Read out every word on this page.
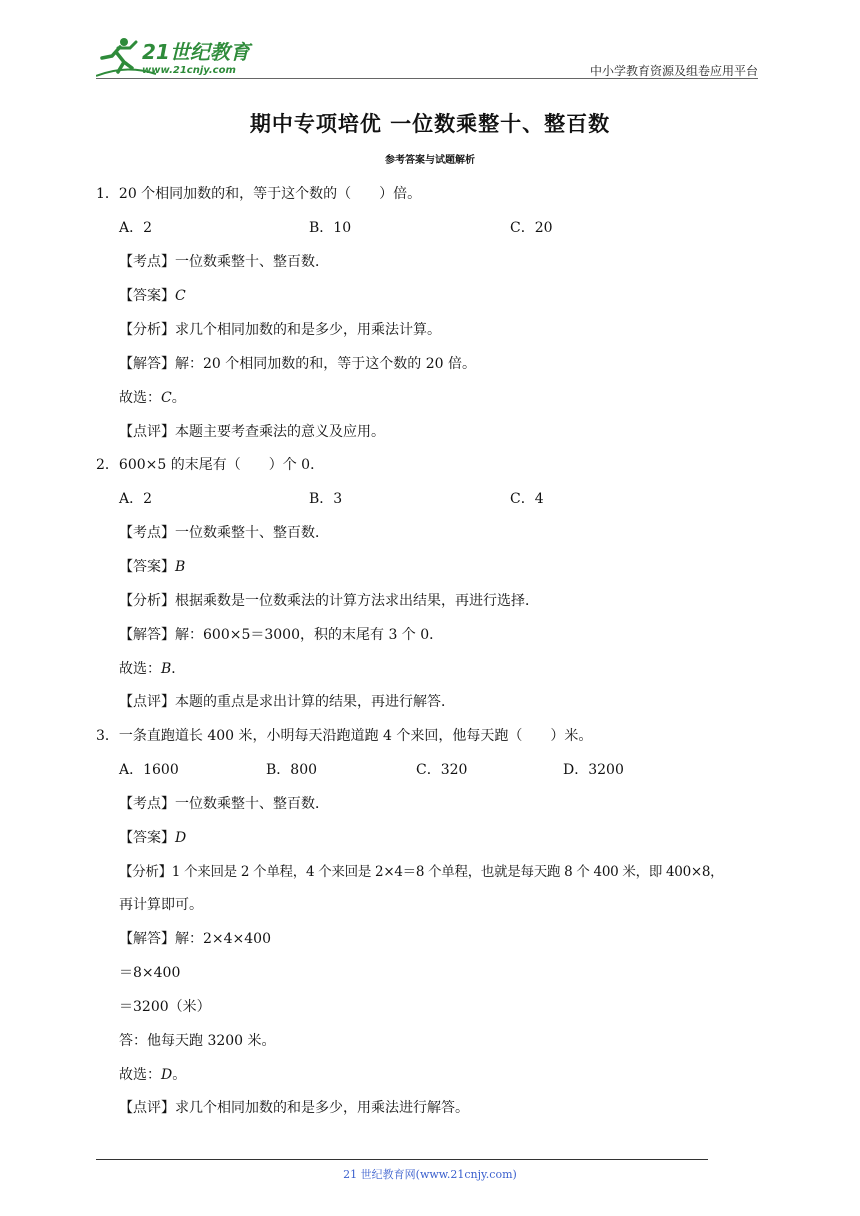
21世纪教育
www.21cnjy.com	中小学教育资源及组卷应用平台
期中专项培优 一位数乘整十、整百数
参考答案与试题解析
1．20 个相同加数的和，等于这个数的（　　）倍。
A．2	B．10	C．20
【考点】一位数乘整十、整百数．
【答案】C
【分析】求几个相同加数的和是多少，用乘法计算。
【解答】解：20 个相同加数的和，等于这个数的 20 倍。
故选：C。
【点评】本题主要考查乘法的意义及应用。
2．600×5 的末尾有（　　）个 0．
A．2	B．3	C．4
【考点】一位数乘整十、整百数．
【答案】B
【分析】根据乘数是一位数乘法的计算方法求出结果，再进行选择．
【解答】解：600×5＝3000，积的末尾有 3 个 0．
故选：B．
【点评】本题的重点是求出计算的结果，再进行解答．
3．一条直跑道长 400 米，小明每天沿跑道跑 4 个来回，他每天跑（　　）米。
A．1600	B．800	C．320	D．3200
【考点】一位数乘整十、整百数．
【答案】D
【分析】1 个来回是 2 个单程，4 个来回是 2×4＝8 个单程，也就是每天跑 8 个 400 米，即 400×8，
再计算即可。
【解答】解：2×4×400
＝8×400
＝3200（米）
答：他每天跑 3200 米。
故选：D。
【点评】求几个相同加数的和是多少，用乘法进行解答。
21 世纪教育网(www.21cnjy.com)
